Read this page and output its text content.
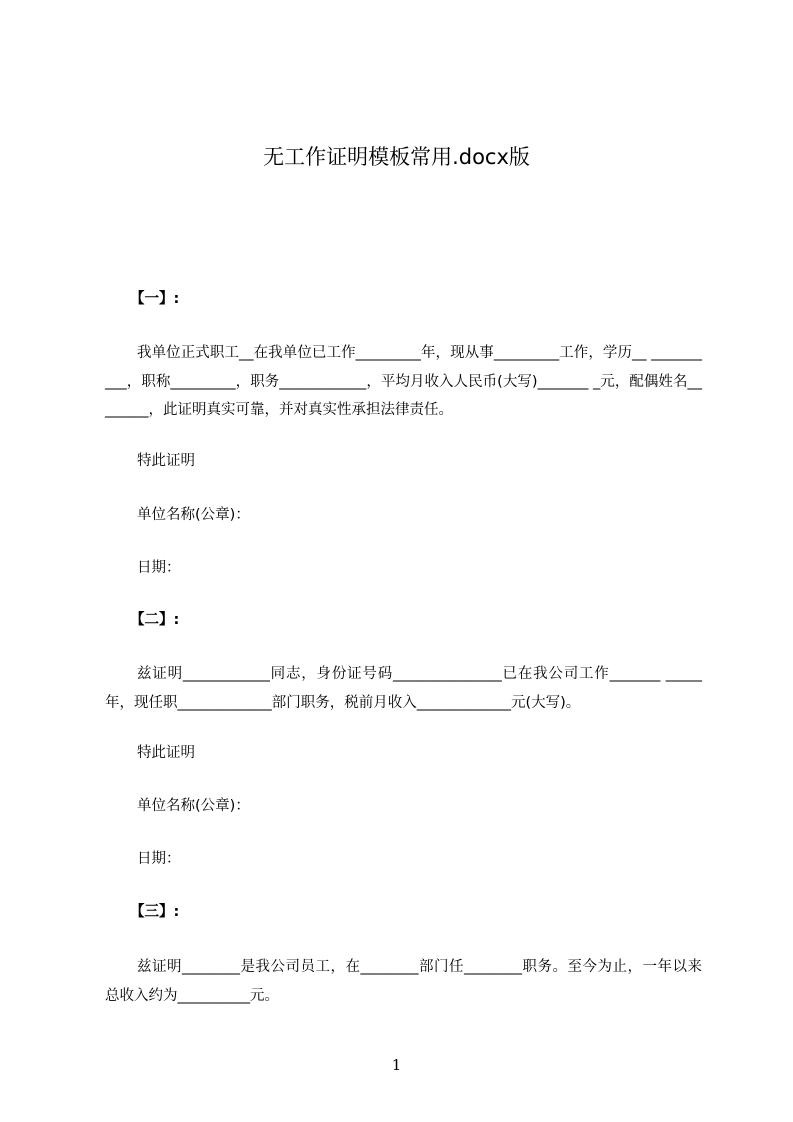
无工作证明模板常用.docx版
【一】:
我单位正式职工__在我单位已工作_________年，现从事_________工作，学历__ __________，职称_________，职务____________，平均月收入人民币(大写)_______ _元，配偶姓名________，此证明真实可靠，并对真实性承担法律责任。
特此证明
单位名称(公章)：
日期：
【二】:
兹证明____________同志，身份证号码_______________已在我公司工作_______ _____年，现任职_____________部门职务，税前月收入_____________元(大写)。
特此证明
单位名称(公章)：
日期：
【三】:
兹证明________是我公司员工，在________部门任________职务。至今为止，一年以来总收入约为__________元。
1
